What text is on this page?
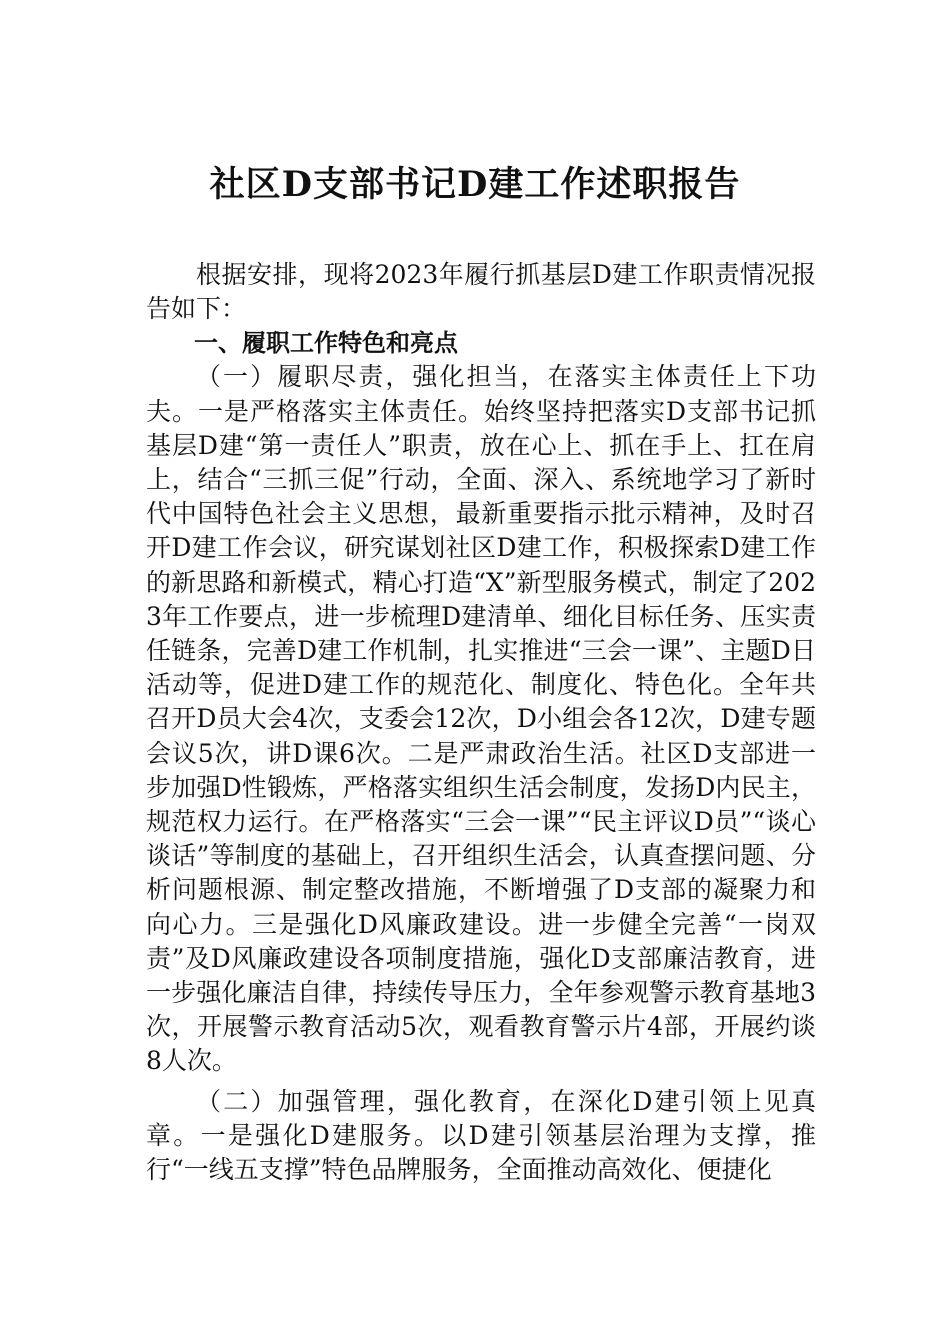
社区D支部书记D建工作述职报告

根据安排，现将2023年履行抓基层D建工作职责情况报告如下：

一、履职工作特色和亮点

（一）履职尽责，强化担当，在落实主体责任上下功夫。一是严格落实主体责任。始终坚持把落实D支部书记抓基层D建“第一责任人”职责，放在心上、抓在手上、扛在肩上，结合“三抓三促”行动，全面、深入、系统地学习了新时代中国特色社会主义思想，最新重要指示批示精神，及时召开D建工作会议，研究谋划社区D建工作，积极探索D建工作的新思路和新模式，精心打造“X”新型服务模式，制定了2023年工作要点，进一步梳理D建清单、细化目标任务、压实责任链条，完善D建工作机制，扎实推进“三会一课”、主题D日活动等，促进D建工作的规范化、制度化、特色化。全年共召开D员大会4次，支委会12次，D小组会各12次，D建专题会议5次，讲D课6次。二是严肃政治生活。社区D支部进一步加强D性锻炼，严格落实组织生活会制度，发扬D内民主，规范权力运行。在严格落实“三会一课”“民主评议D员”“谈心谈话”等制度的基础上，召开组织生活会，认真查摆问题、分析问题根源、制定整改措施，不断增强了D支部的凝聚力和向心力。三是强化D风廉政建设。进一步健全完善“一岗双责”及D风廉政建设各项制度措施，强化D支部廉洁教育，进一步强化廉洁自律，持续传导压力，全年参观警示教育基地3次，开展警示教育活动5次，观看教育警示片4部，开展约谈8人次。

（二）加强管理，强化教育，在深化D建引领上见真章。一是强化D建服务。以D建引领基层治理为支撑，推行“一线五支撑”特色品牌服务，全面推动高效化、便捷化
